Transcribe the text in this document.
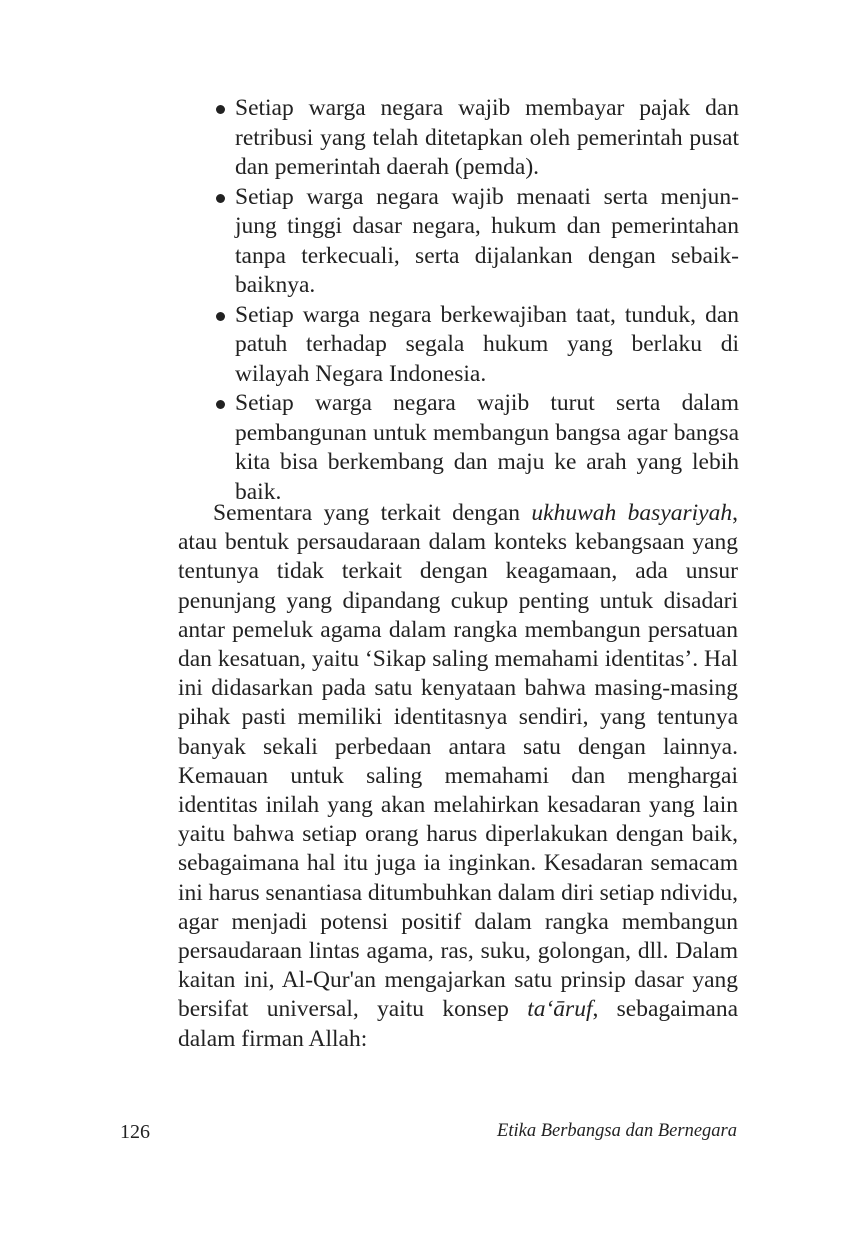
Setiap warga negara wajib membayar pajak dan retribusi yang telah ditetapkan oleh pemerintah pusat dan pemerintah daerah (pemda).
Setiap warga negara wajib menaati serta menjun-jung tinggi dasar negara, hukum dan pemerintahan tanpa terkecuali, serta dijalankan dengan sebaik-baiknya.
Setiap warga negara berkewajiban taat, tunduk, dan patuh terhadap segala hukum yang berlaku di wilayah Negara Indonesia.
Setiap warga negara wajib turut serta dalam pembangunan untuk membangun bangsa agar bangsa kita bisa berkembang dan maju ke arah yang lebih baik.

Sementara yang terkait dengan ukhuwah basyariyah, atau bentuk persaudaraan dalam konteks kebangsaan yang tentunya tidak terkait dengan keagamaan, ada unsur penunjang yang dipandang cukup penting untuk disadari antar pemeluk agama dalam rangka membangun persatuan dan kesatuan, yaitu ‘Sikap saling memahami identitas’. Hal ini didasarkan pada satu kenyataan bahwa masing-masing pihak pasti memiliki identitasnya sendiri, yang tentunya banyak sekali perbedaan antara satu dengan lainnya. Kemauan untuk saling memahami dan menghargai identitas inilah yang akan melahirkan kesadaran yang lain yaitu bahwa setiap orang harus diperlakukan dengan baik, sebagaimana hal itu juga ia inginkan. Kesadaran semacam ini harus senantiasa ditumbuhkan dalam diri setiap ndividu, agar menjadi potensi positif dalam rangka membangun persaudaraan lintas agama, ras, suku, golongan, dll. Dalam kaitan ini, Al-Qur'an mengajarkan satu prinsip dasar yang bersifat universal, yaitu konsep ta‘āruf, sebagaimana dalam firman Allah:

126	Etika Berbangsa dan Bernegara
